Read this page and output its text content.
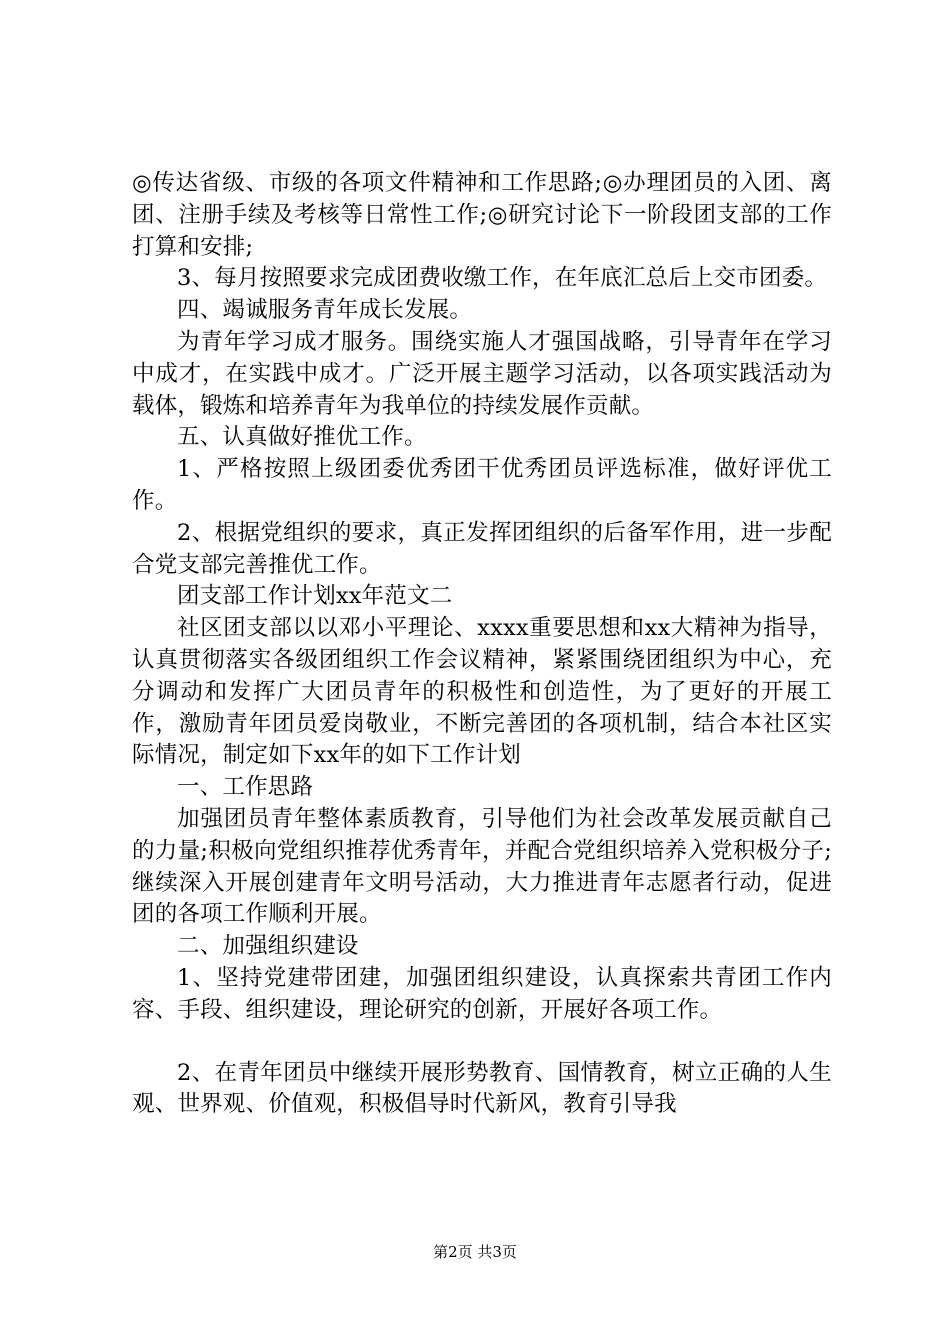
◎传达省级、市级的各项文件精神和工作思路;◎办理团员的入团、离团、注册手续及考核等日常性工作;◎研究讨论下一阶段团支部的工作打算和安排;

3、每月按照要求完成团费收缴工作，在年底汇总后上交市团委。

四、竭诚服务青年成长发展。

为青年学习成才服务。围绕实施人才强国战略，引导青年在学习中成才，在实践中成才。广泛开展主题学习活动，以各项实践活动为载体，锻炼和培养青年为我单位的持续发展作贡献。

五、认真做好推优工作。

1、严格按照上级团委优秀团干优秀团员评选标准，做好评优工作。

2、根据党组织的要求，真正发挥团组织的后备军作用，进一步配合党支部完善推优工作。

团支部工作计划xx年范文二

社区团支部以以邓小平理论、xxxx重要思想和xx大精神为指导，认真贯彻落实各级团组织工作会议精神，紧紧围绕团组织为中心，充分调动和发挥广大团员青年的积极性和创造性，为了更好的开展工作，激励青年团员爱岗敬业，不断完善团的各项机制，结合本社区实际情况，制定如下xx年的如下工作计划

一、工作思路

加强团员青年整体素质教育，引导他们为社会改革发展贡献自己的力量;积极向党组织推荐优秀青年，并配合党组织培养入党积极分子;继续深入开展创建青年文明号活动，大力推进青年志愿者行动，促进团的各项工作顺利开展。

二、加强组织建设

1、坚持党建带团建，加强团组织建设，认真探索共青团工作内容、手段、组织建设，理论研究的创新，开展好各项工作。

2、在青年团员中继续开展形势教育、国情教育，树立正确的人生观、世界观、价值观，积极倡导时代新风，教育引导我

第2页 共3页
